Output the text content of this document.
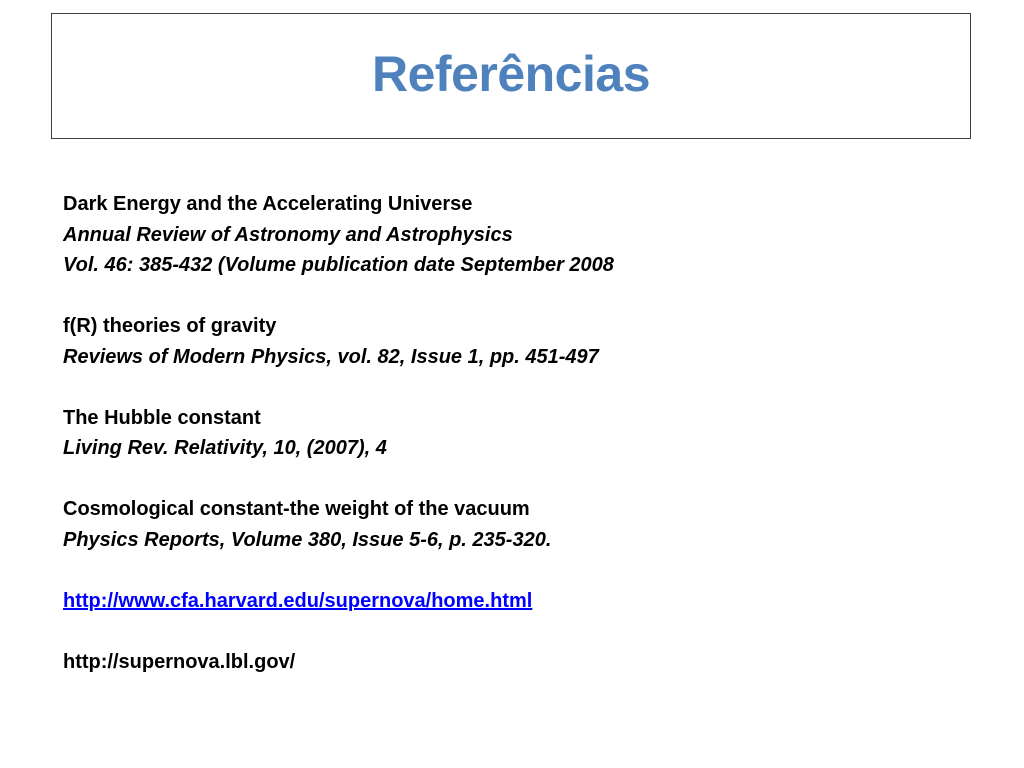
Referências
Dark Energy and the Accelerating Universe
Annual Review of Astronomy and Astrophysics
Vol. 46: 385-432 (Volume publication date September 2008
f(R) theories of gravity
Reviews of Modern Physics, vol. 82, Issue 1, pp. 451-497
The Hubble constant
Living Rev. Relativity, 10, (2007), 4
Cosmological constant-the weight of the vacuum
Physics Reports, Volume 380, Issue 5-6, p. 235-320.
http://www.cfa.harvard.edu/supernova/home.html
http://supernova.lbl.gov/
